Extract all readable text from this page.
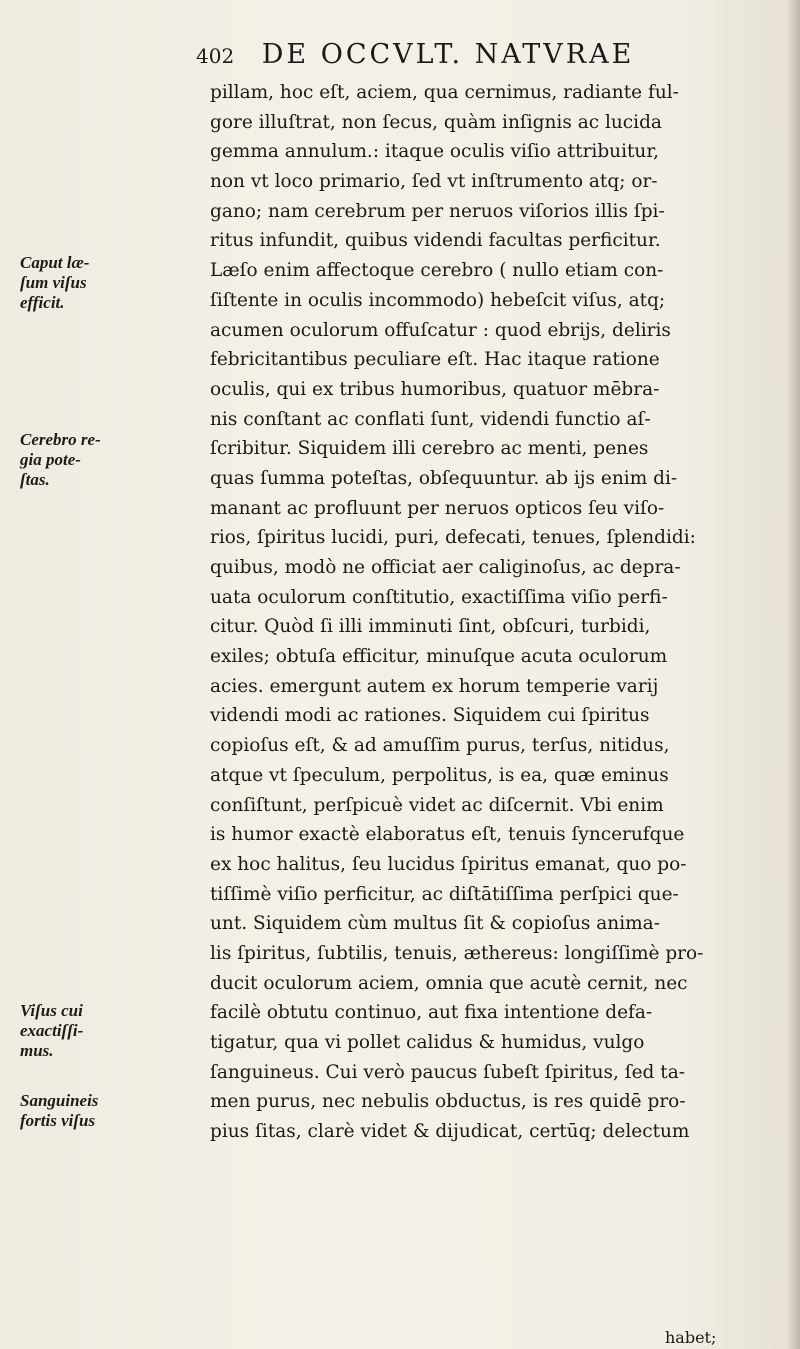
402 DE OCCVLT. NATVRAE
pillam, hoc eſt, aciem, qua cernimus, radiante ful-
gore illuſtrat, non ſecus, quàm inſignis ac lucida
gemma annulum.: itaque oculis viſio attribuitur,
non vt loco primario, ſed vt inſtrumento atq; or-
gano; nam cerebrum per neruos viſorios illis ſpi-
ritus infundit, quibus videndi facultas perficitur.
Læſo enim affectoque cerebro ( nullo etiam con-
ſiſtente in oculis incommodo) hebeſcit viſus, atq;
acumen oculorum offuſcatur : quod ebrijs, deliris
febricitantibus peculiare eſt. Hac itaque ratione
oculis, qui ex tribus humoribus, quatuor mēbra-
nis conſtant ac conflati ſunt, videndi functio aſ-
ſcribitur. Siquidem illi cerebro ac menti, penes
quas ſumma poteſtas, obſequuntur. ab ijs enim di-
manant ac profluunt per neruos opticos ſeu viſo-
rios, ſpiritus lucidi, puri, defecati, tenues, ſplendidi:
quibus, modò ne officiat aer caliginoſus, ac depra-
uata oculorum conſtitutio, exactiſſima viſio perfi-
citur. Quòd ſi illi imminuti ſint, obſcuri, turbidi,
exiles; obtuſa efficitur, minuſque acuta oculorum
acies. emergunt autem ex horum temperie varij
videndi modi ac rationes. Siquidem cui ſpiritus
copioſus eſt, & ad amuſſim purus, terſus, nitidus,
atque vt ſpeculum, perpolitus, is ea, quæ eminus
conſiſtunt, perſpicuè videt ac diſcernit. Vbi enim
is humor exactè elaboratus eſt, tenuis ſyncerufque
ex hoc halitus, ſeu lucidus ſpiritus emanat, quo po-
tiſſimè viſio perficitur, ac diſtātiſſima perſpici que-
unt. Siquidem cùm multus ſit & copioſus anima-
lis ſpiritus, ſubtilis, tenuis, æthereus: longiſſimè pro-
ducit oculorum aciem, omnia que acutè cernit, nec
facilè obtutu continuo, aut fixa intentione defa-
tigatur, qua vi pollet calidus & humidus, vulgo
ſanguineus. Cui verò paucus ſubeſt ſpiritus, ſed ta-
men purus, nec nebulis obductus, is res quidē pro-
pius ſitas, clarè videt & dijudicat, certūq; delectum
Caput læ-
ſum viſus
efficit.
Cerebro re-
gia pote-
ſtas.
Viſus cui
exactiſſi-
mus.
Sanguineis
fortis viſus
habet;
